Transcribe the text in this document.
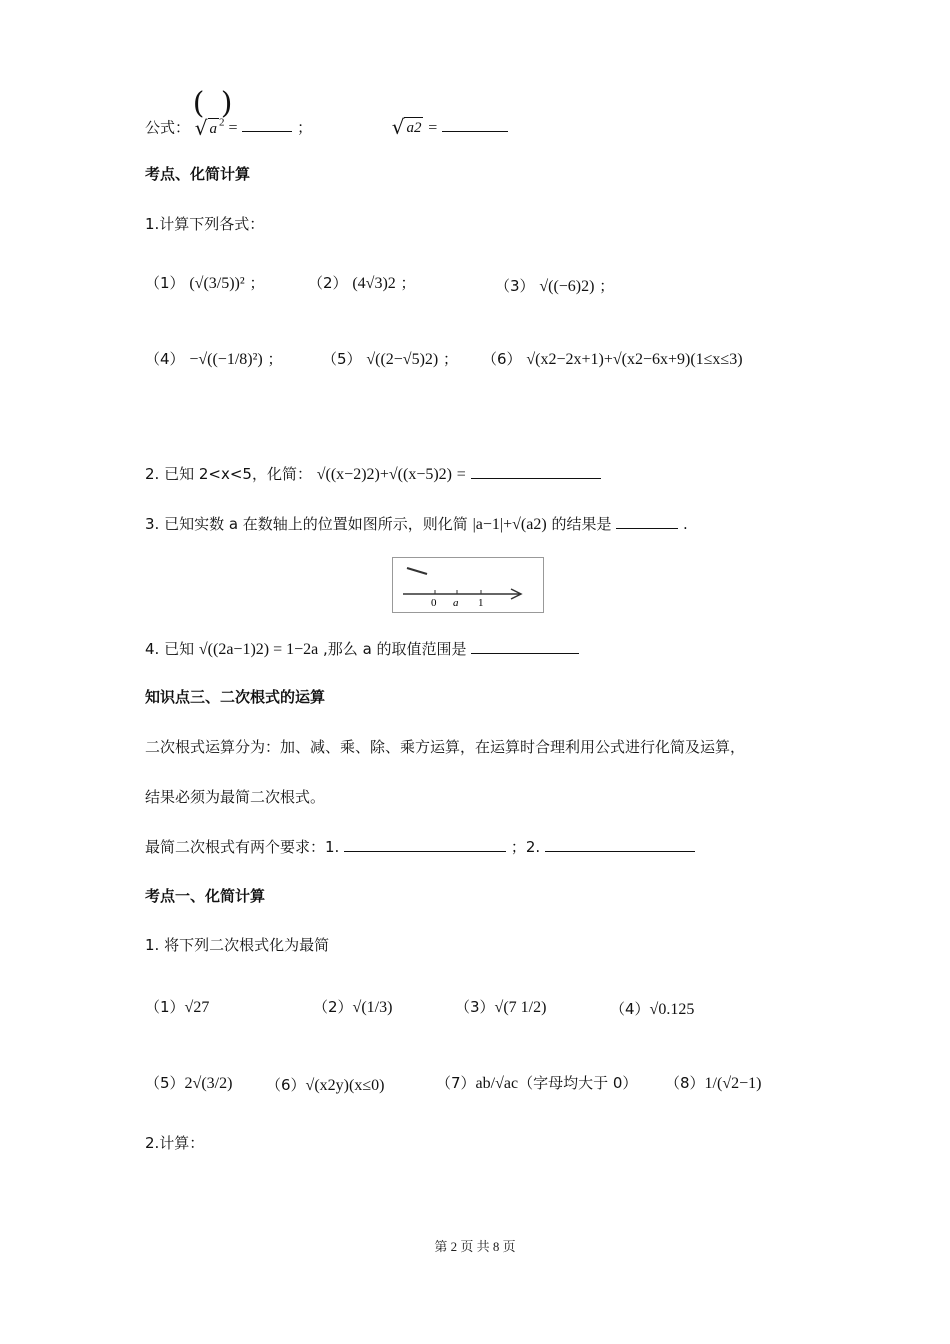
公式：
( )
√ a $^2$ =	；	√ a2 =
考点、化简计算
1.计算下列各式：
（1） (√(3/5))² ；	（2） (4√3)2 ；	（3） √((−6)2) ；
（4） −√((−1/8)²) ；	（5） √((2−√5)2) ； （6） √(x2−2x+1)+√(x2−6x+9)(1≤x≤3)
2. 已知 2<x<5，化简： √((x−2)2)+√((x−5)2) =
3. 已知实数 a 在数轴上的位置如图所示，则化简 |a−1|+√(a2) 的结果是	.
0 a 1
4. 已知 √((2a−1)2) = 1−2a ,那么 a 的取值范围是
知识点三、二次根式的运算
二次根式运算分为：加、减、乘、除、乘方运算，在运算时合理利用公式进行化简及运算，
结果必须为最简二次根式。
最简二次根式有两个要求：1.	；2.
考点一、化简计算
1. 将下列二次根式化为最简
（1）√27	（2）√(1/3)	（3）√(7 1/2)	（4）√0.125
（5）2√(3/2) （6）√(x2y)(x≤0)	（7）ab/√ac（字母均大于 0） （8）1/(√2−1)
2.计算：
第 2 页 共 8 页
